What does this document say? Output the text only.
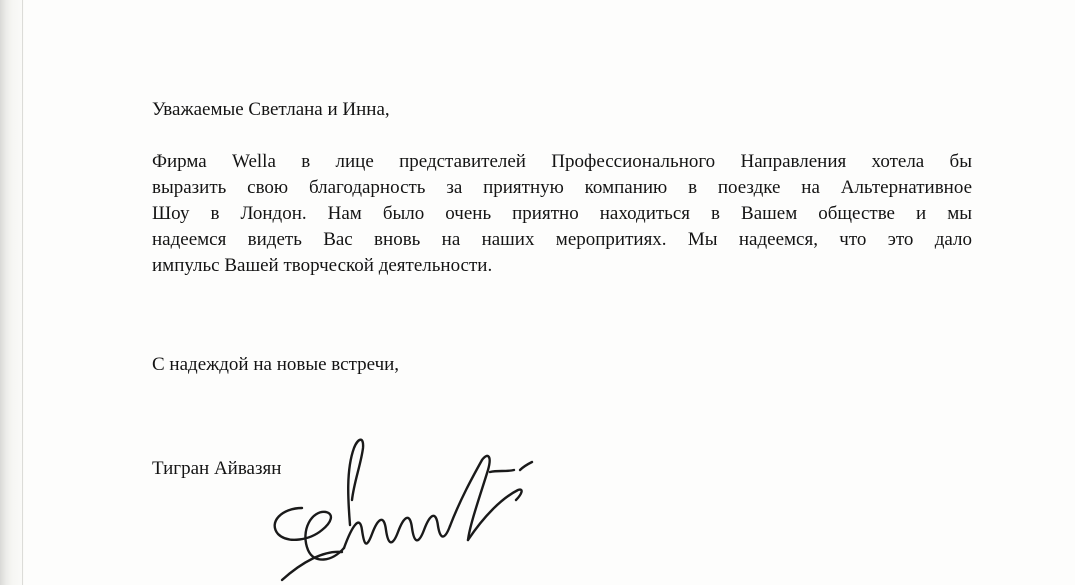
Уважаемые Светлана и Инна,
Фирма Wella в лице представителей Профессионального Направления хотела бы
выразить свою благодарность за приятную компанию в поездке на Альтернативное
Шоу в Лондон. Нам было очень приятно находиться в Вашем обществе и мы
надеемся видеть Вас вновь на наших меропритиях. Мы надеемся, что это дало
импульс Вашей творческой деятельности.
С надеждой на новые встречи,
Тигран Айвазян
